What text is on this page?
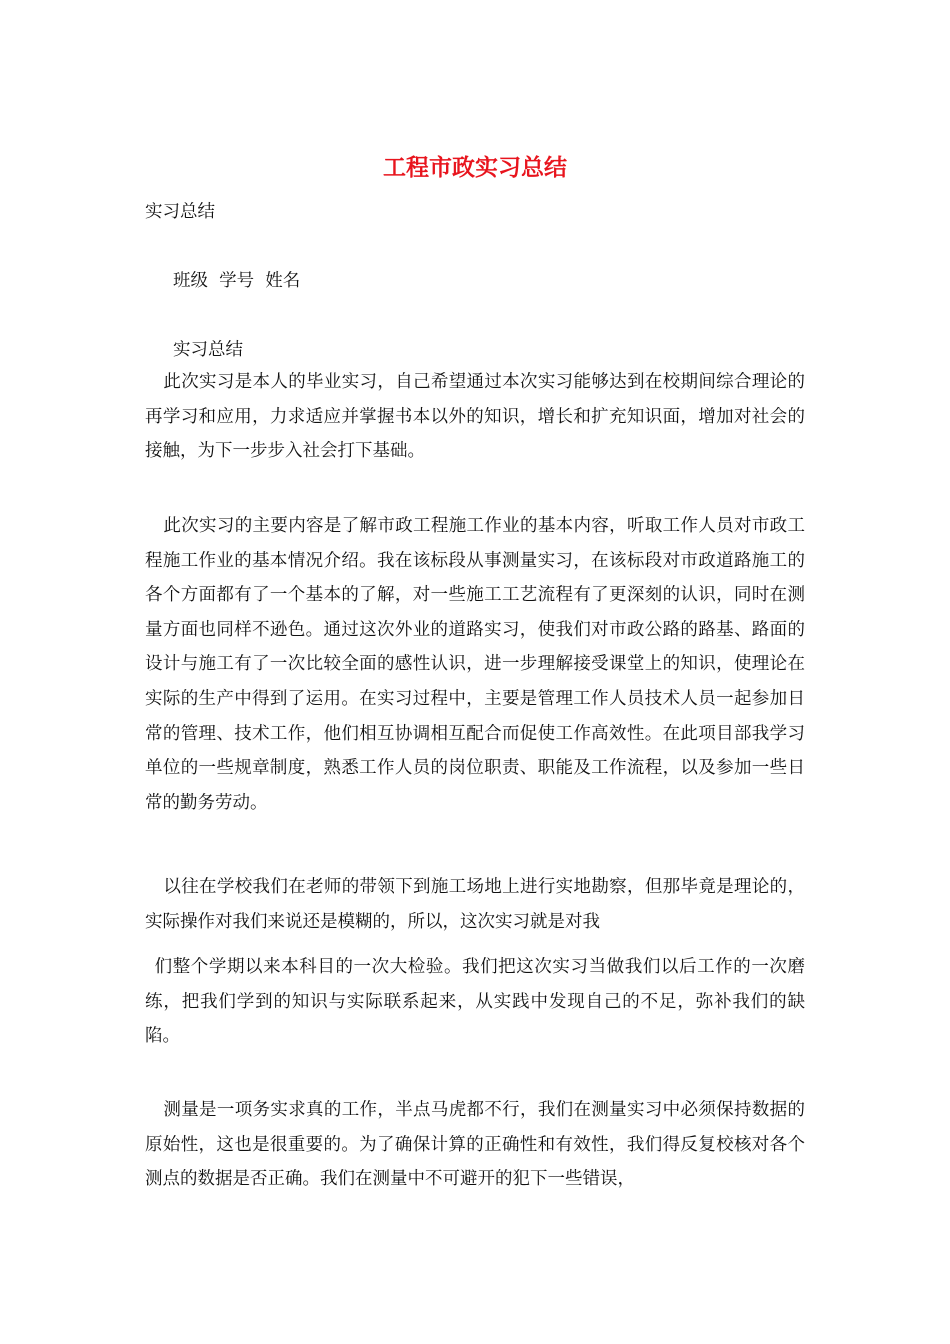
工程市政实习总结
实习总结
班级  学号  姓名
实习总结

此次实习是本人的毕业实习，自己希望通过本次实习能够达到在校期间综合理论的再学习和应用，力求适应并掌握书本以外的知识，增长和扩充知识面，增加对社会的接触，为下一步步入社会打下基础。

此次实习的主要内容是了解市政工程施工作业的基本内容，听取工作人员对市政工程施工作业的基本情况介绍。我在该标段从事测量实习，在该标段对市政道路施工的各个方面都有了一个基本的了解，对一些施工工艺流程有了更深刻的认识，同时在测量方面也同样不逊色。通过这次外业的道路实习，使我们对市政公路的路基、路面的设计与施工有了一次比较全面的感性认识，进一步理解接受课堂上的知识，使理论在实际的生产中得到了运用。在实习过程中，主要是管理工作人员技术人员一起参加日常的管理、技术工作，他们相互协调相互配合而促使工作高效性。在此项目部我学习单位的一些规章制度，熟悉工作人员的岗位职责、职能及工作流程，以及参加一些日常的勤务劳动。

以往在学校我们在老师的带领下到施工场地上进行实地勘察，但那毕竟是理论的，实际操作对我们来说还是模糊的，所以，这次实习就是对我

们整个学期以来本科目的一次大检验。我们把这次实习当做我们以后工作的一次磨练，把我们学到的知识与实际联系起来，从实践中发现自己的不足，弥补我们的缺陷。

测量是一项务实求真的工作，半点马虎都不行，我们在测量实习中必须保持数据的原始性，这也是很重要的。为了确保计算的正确性和有效性，我们得反复校核对各个测点的数据是否正确。我们在测量中不可避开的犯下一些错误，
